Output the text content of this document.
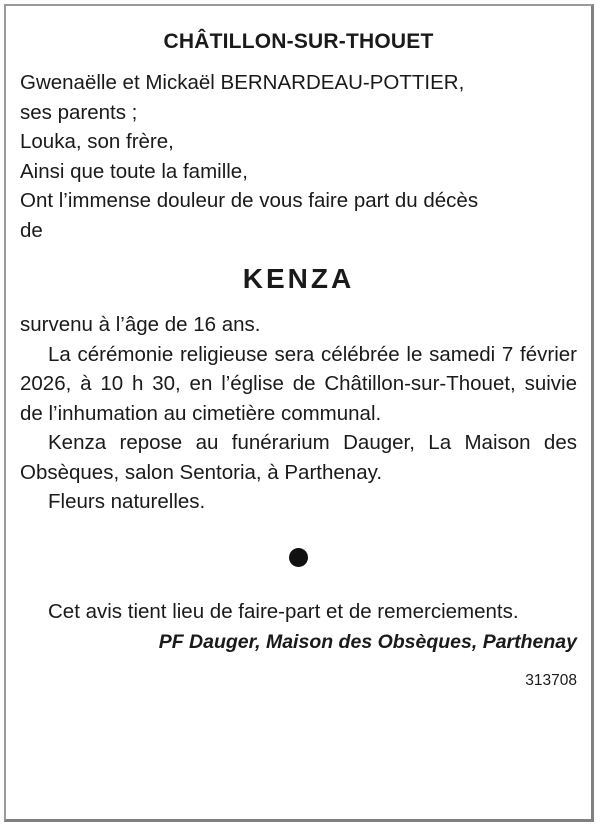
CHÂTILLON-SUR-THOUET

Gwenaëlle et Mickaël BERNARDEAU-POTTIER,

ses parents ;

Louka, son frère,

Ainsi que toute la famille,

Ont l’immense douleur de vous faire part du décès

de

KENZA

survenu à l’âge de 16 ans.

La cérémonie religieuse sera célébrée le samedi 7 février 2026, à 10 h 30, en l’église de Châtillon-sur-Thouet, suivie de l’inhumation au cimetière communal.

Kenza repose au funérarium Dauger, La Maison des Obsèques, salon Sentoria, à Parthenay.

Fleurs naturelles.

Cet avis tient lieu de faire-part et de remerciements.

PF Dauger, Maison des Obsèques, Parthenay

313708
